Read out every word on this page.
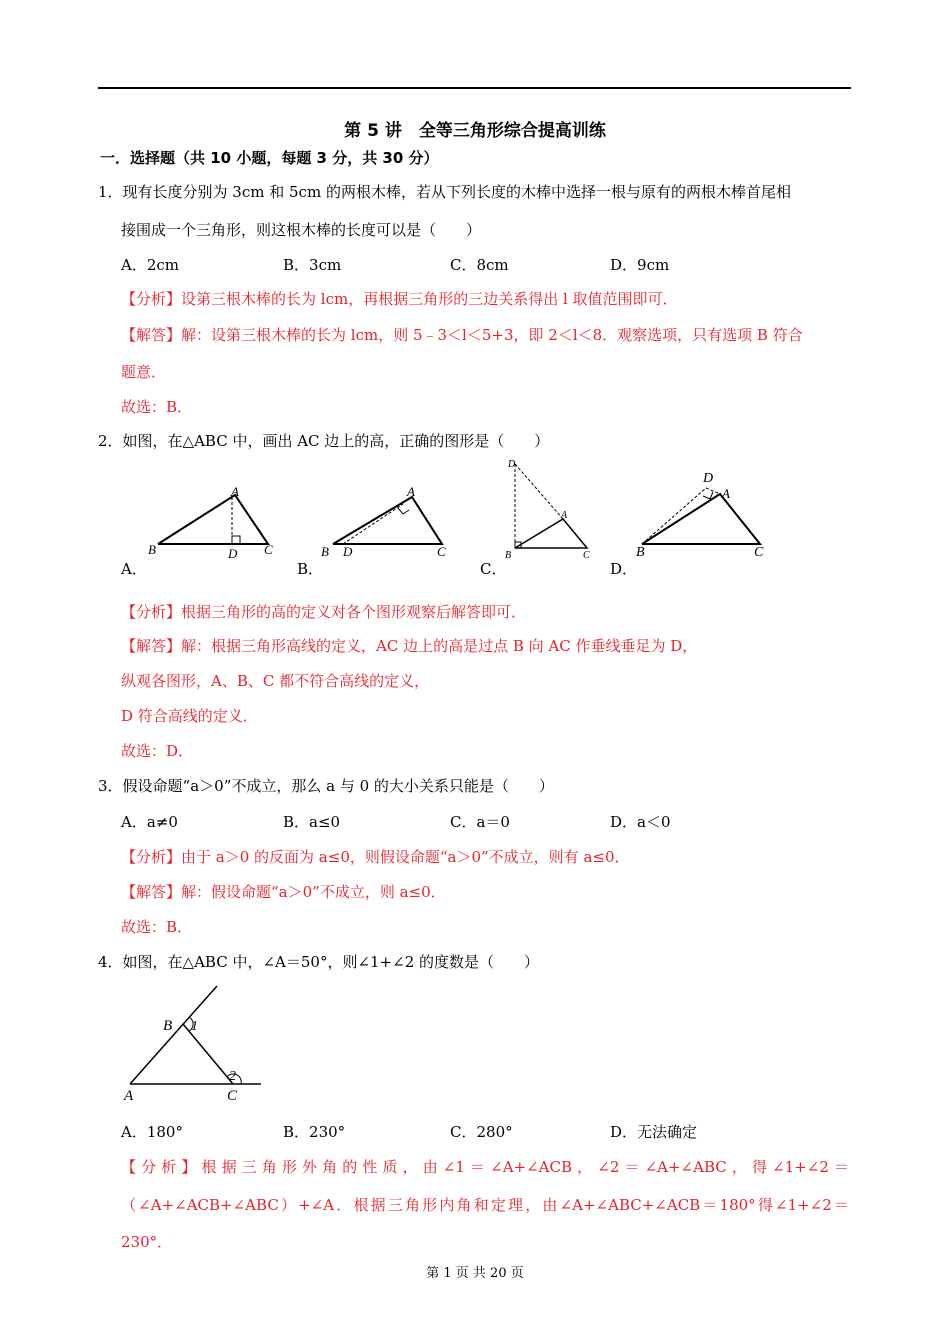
第 5 讲　全等三角形综合提高训练
一．选择题（共 10 小题，每题 3 分，共 30 分）
1．现有长度分别为 3cm 和 5cm 的两根木棒，若从下列长度的木棒中选择一根与原有的两根木棒首尾相
接围成一个三角形，则这根木棒的长度可以是（　　）
A．2cm	B．3cm	C．8cm	D．9cm
【分析】设第三根木棒的长为 lcm，再根据三角形的三边关系得出 l 取值范围即可．
【解答】解：设第三根木棒的长为 lcm，则 5﹣3＜l＜5+3，即 2＜l＜8．观察选项，只有选项 B 符合
题意．
故选：B．
2．如图，在△ABC 中，画出 AC 边上的高，正确的图形是（　　）
A
B	D C
A．
A
B D	C
B．
D
A
B	C
C．
D
A
B	C
D．
【分析】根据三角形的高的定义对各个图形观察后解答即可．
【解答】解：根据三角形高线的定义，AC 边上的高是过点 B 向 AC 作垂线垂足为 D，
纵观各图形，A、B、C 都不符合高线的定义，
D 符合高线的定义．
故选：D．
3．假设命题“a＞0”不成立，那么 a 与 0 的大小关系只能是（　　）
A．a≠0	B．a≤0	C．a＝0	D．a＜0
【分析】由于 a＞0 的反面为 a≤0，则假设命题“a＞0”不成立，则有 a≤0．
【解答】解：假设命题“a＞0”不成立，则 a≤0．
故选：B．
4．如图，在△ABC 中，∠A＝50°，则∠1+∠2 的度数是（　　）
B 1
2
A	C
A．180°	B．230°	C．280°	D．无法确定
【分析】根据三角形外角的性质，由∠1＝∠A+∠ACB，∠2＝∠A+∠ABC，得∠1+∠2＝
（∠A+∠ACB+∠ABC）+∠A．根据三角形内角和定理，由∠A+∠ABC+∠ACB＝180°得∠1+∠2＝
230°．
第 1 页 共 20 页
